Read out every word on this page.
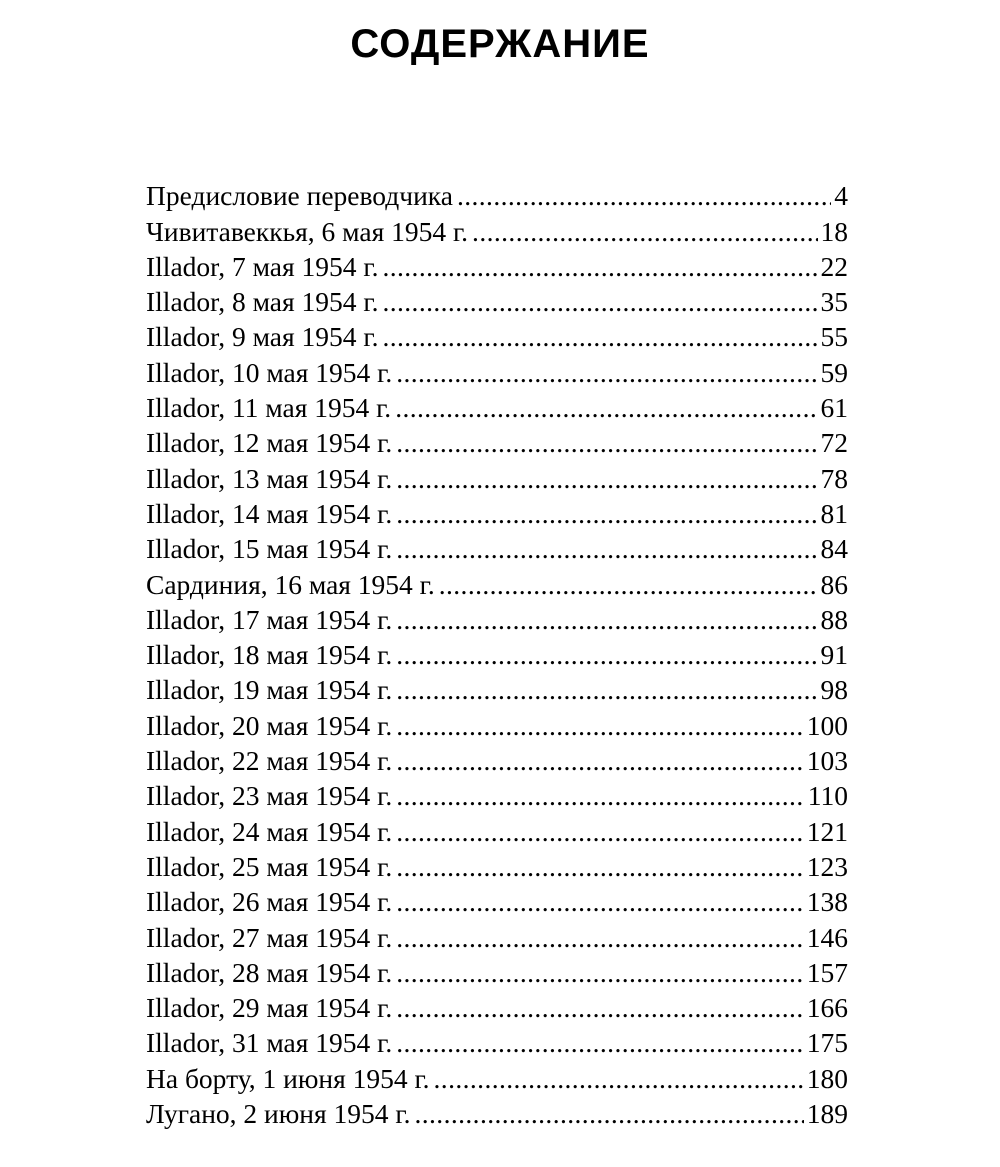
СОДЕРЖАНИЕ
Предисловие переводчика .....	4
Чивитавеккья, 6 мая 1954 г. .....	18
Illador, 7 мая 1954 г. .....	22
Illador, 8 мая 1954 г. .....	35
Illador, 9 мая 1954 г. .....	55
Illador, 10 мая 1954 г. .....	59
Illador, 11 мая 1954 г. .....	61
Illador, 12 мая 1954 г. .....	72
Illador, 13 мая 1954 г. .....	78
Illador, 14 мая 1954 г. .....	81
Illador, 15 мая 1954 г. .....	84
Сардиния, 16 мая 1954 г. .....	86
Illador, 17 мая 1954 г. .....	88
Illador, 18 мая 1954 г. .....	91
Illador, 19 мая 1954 г. .....	98
Illador, 20 мая 1954 г. .....	100
Illador, 22 мая 1954 г. .....	103
Illador, 23 мая 1954 г. .....	110
Illador, 24 мая 1954 г. .....	121
Illador, 25 мая 1954 г. .....	123
Illador, 26 мая 1954 г. .....	138
Illador, 27 мая 1954 г. .....	146
Illador, 28 мая 1954 г. .....	157
Illador, 29 мая 1954 г. .....	166
Illador, 31 мая 1954 г. .....	175
На борту, 1 июня 1954 г. .....	180
Лугано, 2 июня 1954 г. .....	189
